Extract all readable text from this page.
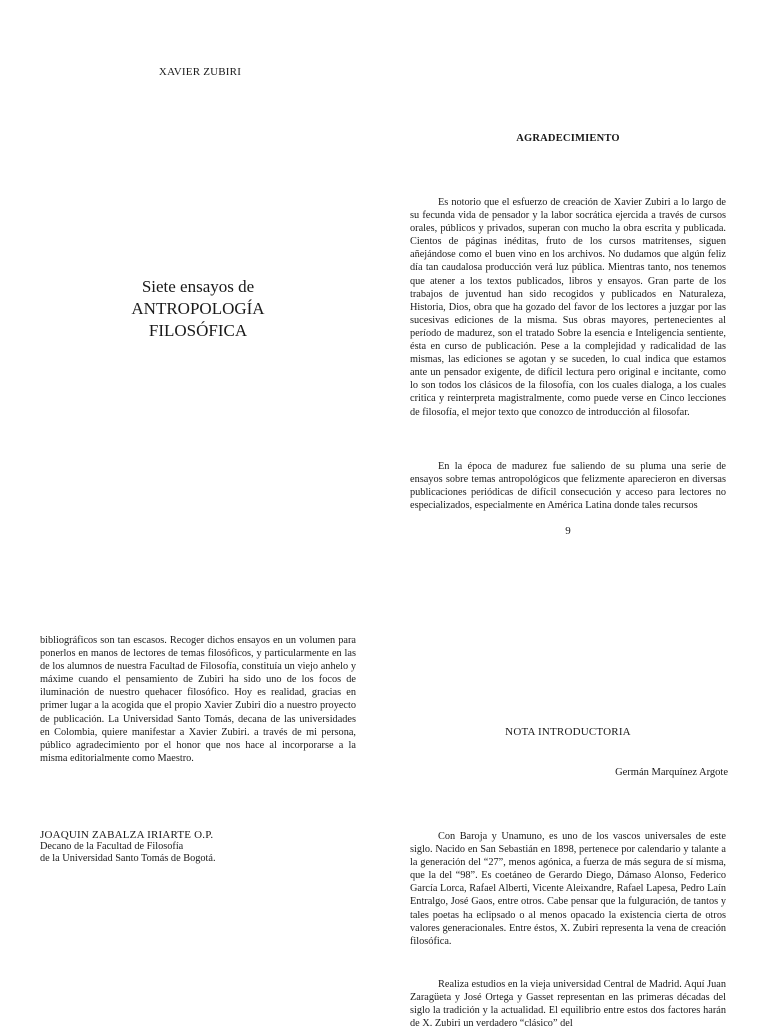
XAVIER ZUBIRI
Siete ensayos de
ANTROPOLOGÍA
FILOSÓFICA
AGRADECIMIENTO

Es notorio que el esfuerzo de creación de Xavier Zubiri a lo largo de su fecunda vida de pensador y la labor socrática ejercida a través de cursos orales, públicos y privados, superan con mucho la obra escrita y publicada. Cientos de páginas inéditas, fruto de los cursos matritenses, siguen añejándose como el buen vino en los archivos. No dudamos que algún feliz día tan caudalosa producción verá luz pública. Mientras tanto, nos tenemos que atener a los textos publicados, libros y ensayos. Gran parte de los trabajos de juventud han sido recogidos y publicados en Naturaleza, Historia, Dios, obra que ha gozado del favor de los lectores a juzgar por las sucesivas ediciones de la misma. Sus obras mayores, pertenecientes al período de madurez, son el tratado Sobre la esencia e Inteligencia sentiente, ésta en curso de publicación. Pese a la complejidad y radicalidad de las mismas, las ediciones se agotan y se suceden, lo cual indica que estamos ante un pensador exigente, de difícil lectura pero original e incitante, como lo son todos los clásicos de la filosofía, con los cuales dialoga, a los cuales critica y reinterpreta magistralmente, como puede verse en Cinco lecciones de filosofía, el mejor texto que conozco de introducción al filosofar.

En la época de madurez fue saliendo de su pluma una serie de ensayos sobre temas antropológicos que felizmente aparecieron en diversas publicaciones periódicas de difícil consecución y acceso para lectores no especializados, especialmente en América Latina donde tales recursos

9

bibliográficos son tan escasos. Recoger dichos ensayos en un volumen para ponerlos en manos de lectores de temas filosóficos, y particularmente en las de los alumnos de nuestra Facultad de Filosofía, constituía un viejo anhelo y máxime cuando el pensamiento de Zubiri ha sido uno de los focos de iluminación de nuestro quehacer filosófico. Hoy es realidad, gracias en primer lugar a la acogida que el propio Xavier Zubiri dio a nuestro proyecto de publicación. La Universidad Santo Tomás, decana de las universidades en Colombia, quiere manifestar a Xavier Zubiri. a través de mi persona, público agradecimiento por el honor que nos hace al incorporarse a la misma editorialmente como Maestro.

JOAQUIN ZABALZA IRIARTE O.P.
Decano de la Facultad de Filosofía
de la Universidad Santo Tomás de Bogotá.
NOTA INTRODUCTORIA
Germán Marquínez Argote

Con Baroja y Unamuno, es uno de los vascos universales de este siglo. Nacido en San Sebastián en 1898, pertenece por calendario y talante a la generación del “27”, menos agónica, a fuerza de más segura de sí misma, que la del “98”. Es coetáneo de Gerardo Diego, Dámaso Alonso, Federico García Lorca, Rafael Alberti, Vicente Aleixandre, Rafael Lapesa, Pedro Laín Entralgo, José Gaos, entre otros. Cabe pensar que la fulguración, de tantos y tales poetas ha eclipsado o al menos opacado la existencia cierta de otros valores generacionales. Entre éstos, X. Zubiri representa la vena de creación filosófica.

Realiza estudios en la vieja universidad Central de Madrid. Aquí Juan Zaragüeta y José Ortega y Gasset representan en las primeras décadas del siglo la tradición y la actualidad. El equilibrio entre estos dos factores harán de X. Zubiri un verdadero “clásico” del
